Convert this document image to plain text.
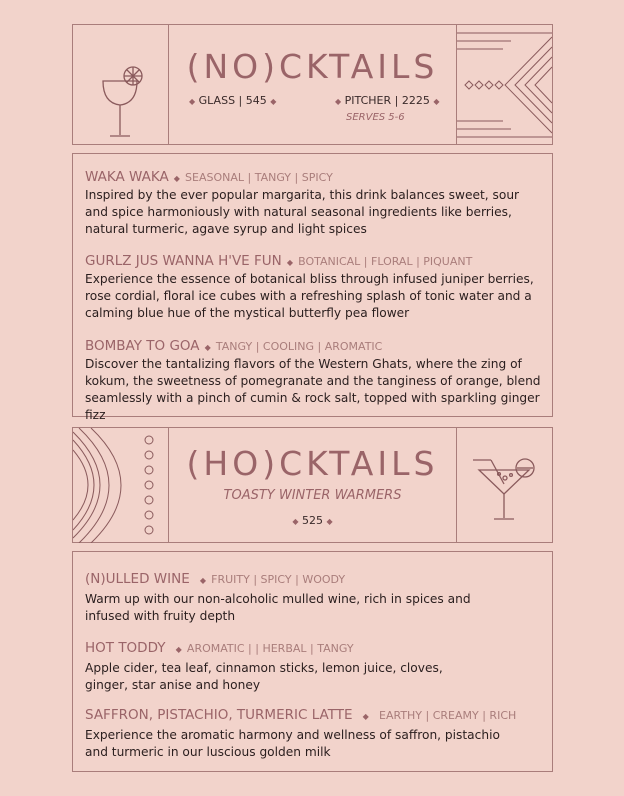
(NO)CKTAILS
◆ GLASS | 545 ◆	◆ PITCHER | 2225 ◆
SERVES 5-6
WAKA WAKA ◆ SEASONAL | TANGY | SPICY
Inspired by the ever popular margarita, this drink balances sweet, sour and spice harmoniously with natural seasonal ingredients like berries, natural turmeric, agave syrup and light spices
GURLZ JUS WANNA H'VE FUN ◆ BOTANICAL | FLORAL | PIQUANT
Experience the essence of botanical bliss through infused juniper berries, rose cordial, floral ice cubes with a refreshing splash of tonic water and a calming blue hue of the mystical butterfly pea flower
BOMBAY TO GOA ◆ TANGY | COOLING | AROMATIC
Discover the tantalizing flavors of the Western Ghats, where the zing of kokum, the sweetness of pomegranate and the tanginess of orange, blend seamlessly with a pinch of cumin & rock salt, topped with sparkling ginger fizz
(HO)CKTAILS
TOASTY WINTER WARMERS
◆ 525 ◆
(N)ULLED WINE ◆ FRUITY | SPICY | WOODY
Warm up with our non-alcoholic mulled wine, rich in spices and
infused with fruity depth
HOT TODDY ◆ AROMATIC | | HERBAL | TANGY
Apple cider, tea leaf, cinnamon sticks, lemon juice, cloves,
ginger, star anise and honey
SAFFRON, PISTACHIO, TURMERIC LATTE ◆ EARTHY | CREAMY | RICH
Experience the aromatic harmony and wellness of saffron, pistachio
and turmeric in our luscious golden milk
